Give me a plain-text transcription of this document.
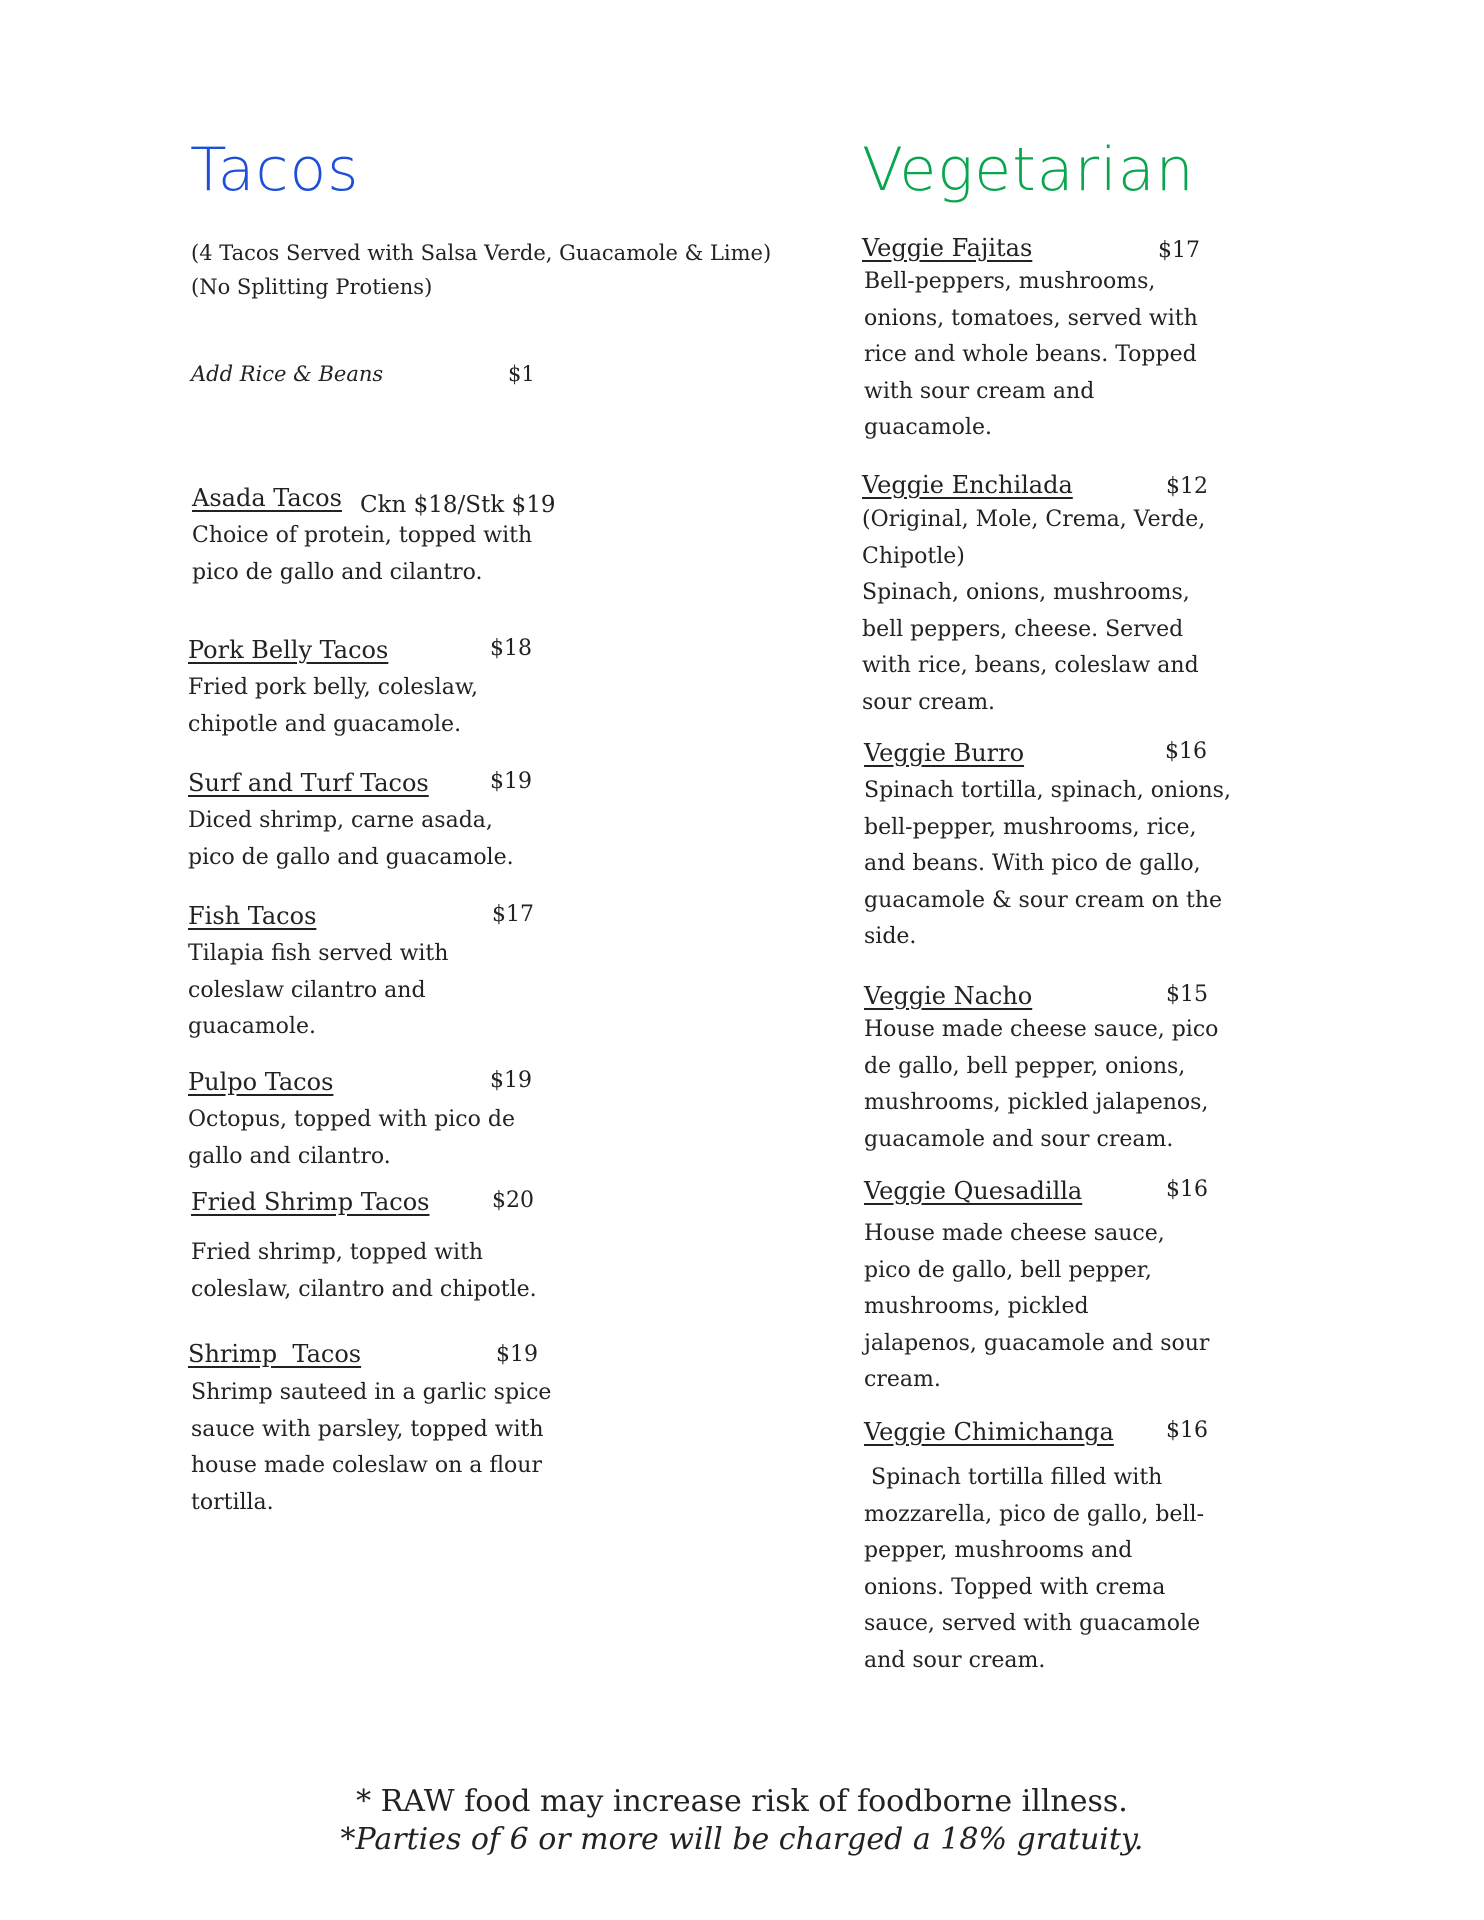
Tacos
(4 Tacos Served with Salsa Verde, Guacamole & Lime)
(No Splitting Protiens)
Add Rice & Beans	$1
Asada Tacos Ckn $18/Stk $19
Choice of protein, topped with
pico de gallo and cilantro.
Pork Belly Tacos	$18
Fried pork belly, coleslaw,
chipotle and guacamole.
Surf and Turf Tacos	$19
Diced shrimp, carne asada,
pico de gallo and guacamole.
Fish Tacos	$17
Tilapia fish served with
coleslaw cilantro and
guacamole.
Pulpo Tacos	$19
Octopus, topped with pico de
gallo and cilantro.
Fried Shrimp Tacos	$20
Fried shrimp, topped with
coleslaw, cilantro and chipotle.
Shrimp  Tacos	$19
Shrimp sauteed in a garlic spice
sauce with parsley, topped with
house made coleslaw on a flour
tortilla.
Vegetarian
Veggie Fajitas	$17
Bell-peppers, mushrooms,
onions, tomatoes, served with
rice and whole beans. Topped
with sour cream and
guacamole.
Veggie Enchilada	$12
(Original, Mole, Crema, Verde,
Chipotle)
Spinach, onions, mushrooms,
bell peppers, cheese. Served
with rice, beans, coleslaw and
sour cream.
Veggie Burro	$16
Spinach tortilla, spinach, onions,
bell-pepper, mushrooms, rice,
and beans. With pico de gallo,
guacamole & sour cream on the
side.
Veggie Nacho	$15
House made cheese sauce, pico
de gallo, bell pepper, onions,
mushrooms, pickled jalapenos,
guacamole and sour cream.
Veggie Quesadilla	$16
House made cheese sauce,
pico de gallo, bell pepper,
mushrooms, pickled
jalapenos, guacamole and sour
cream.
Veggie Chimichanga $16
Spinach tortilla filled with
mozzarella, pico de gallo, bell-
pepper, mushrooms and
onions. Topped with crema
sauce, served with guacamole
and sour cream.
* RAW food may increase risk of foodborne illness.
*Parties of 6 or more will be charged a 18% gratuity.
